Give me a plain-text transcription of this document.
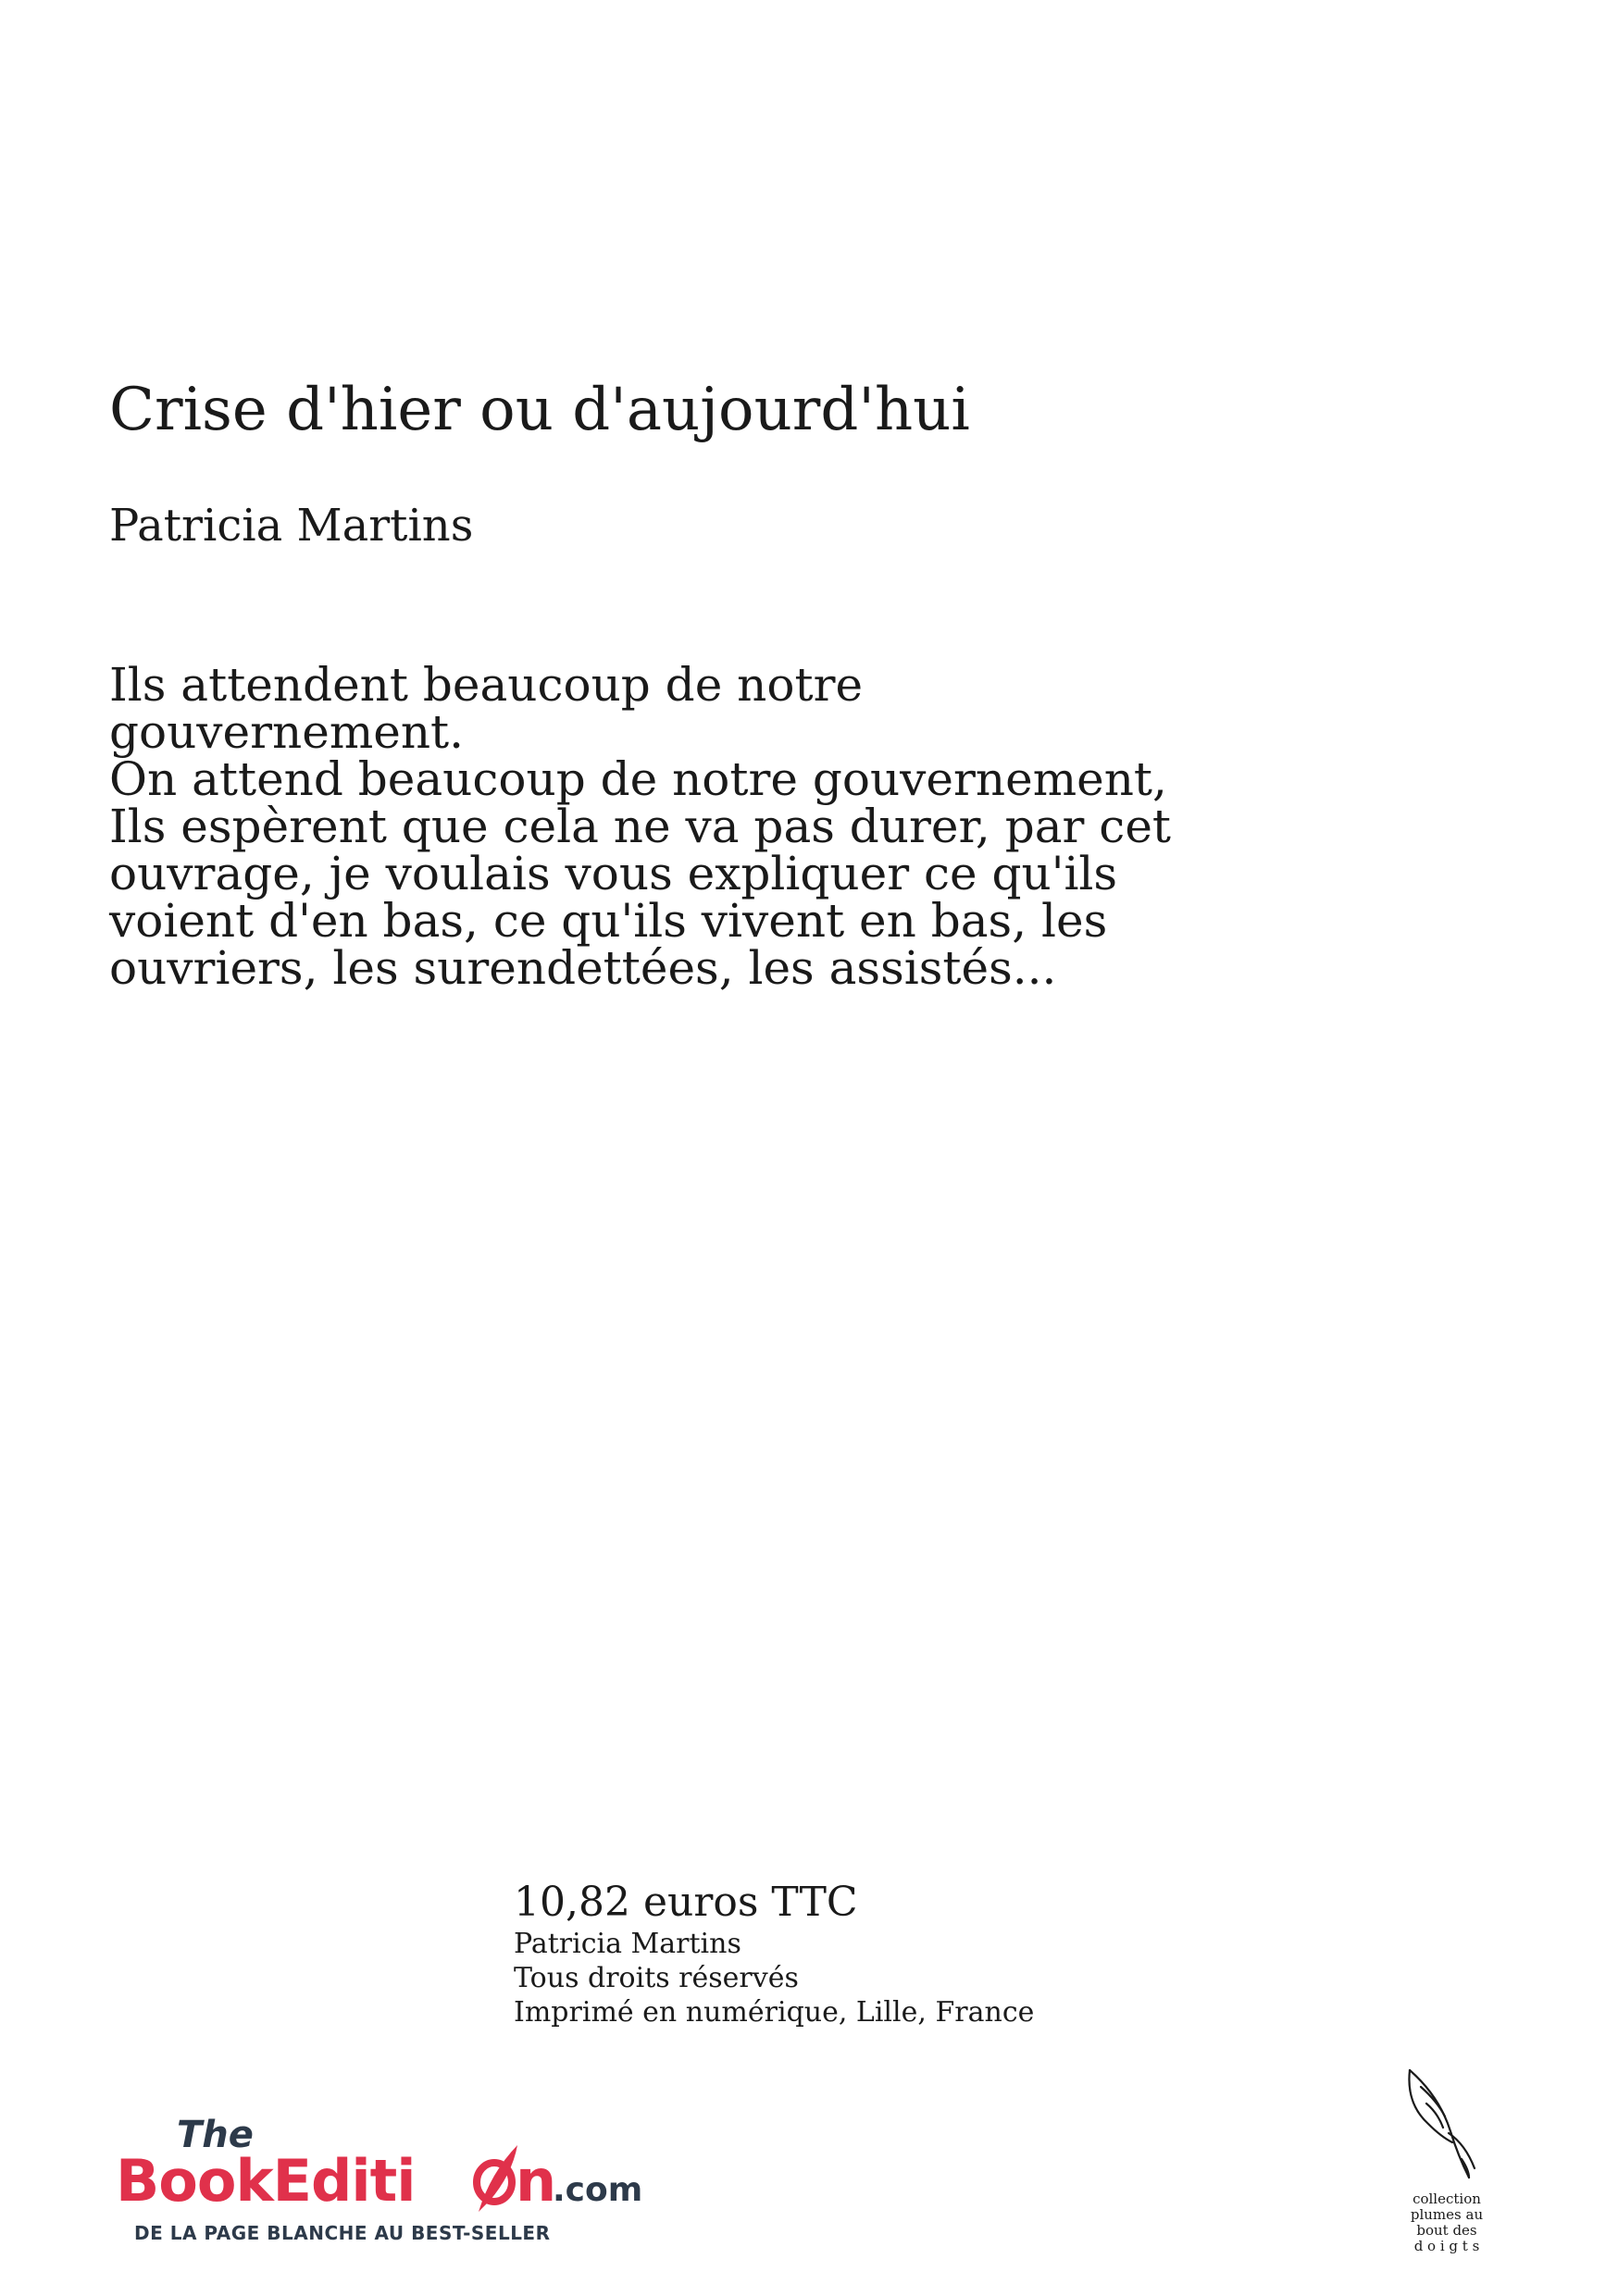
Crise d'hier ou d'aujourd'hui
Patricia Martins
Ils attendent beaucoup de notre
gouvernement.
On attend beaucoup de notre gouvernement,
Ils espèrent que cela ne va pas durer, par cet
ouvrage, je voulais vous expliquer ce qu'ils
voient d'en bas, ce qu'ils vivent en bas, les
ouvriers, les surendettées, les assistés...
10,82 euros TTC
Patricia Martins
Tous droits réservés
Imprimé en numérique, Lille, France
The
BookEditi n
.com
DE LA PAGE BLANCHE AU BEST-SELLER
collection
plumes au
bout des
d o i g t s
